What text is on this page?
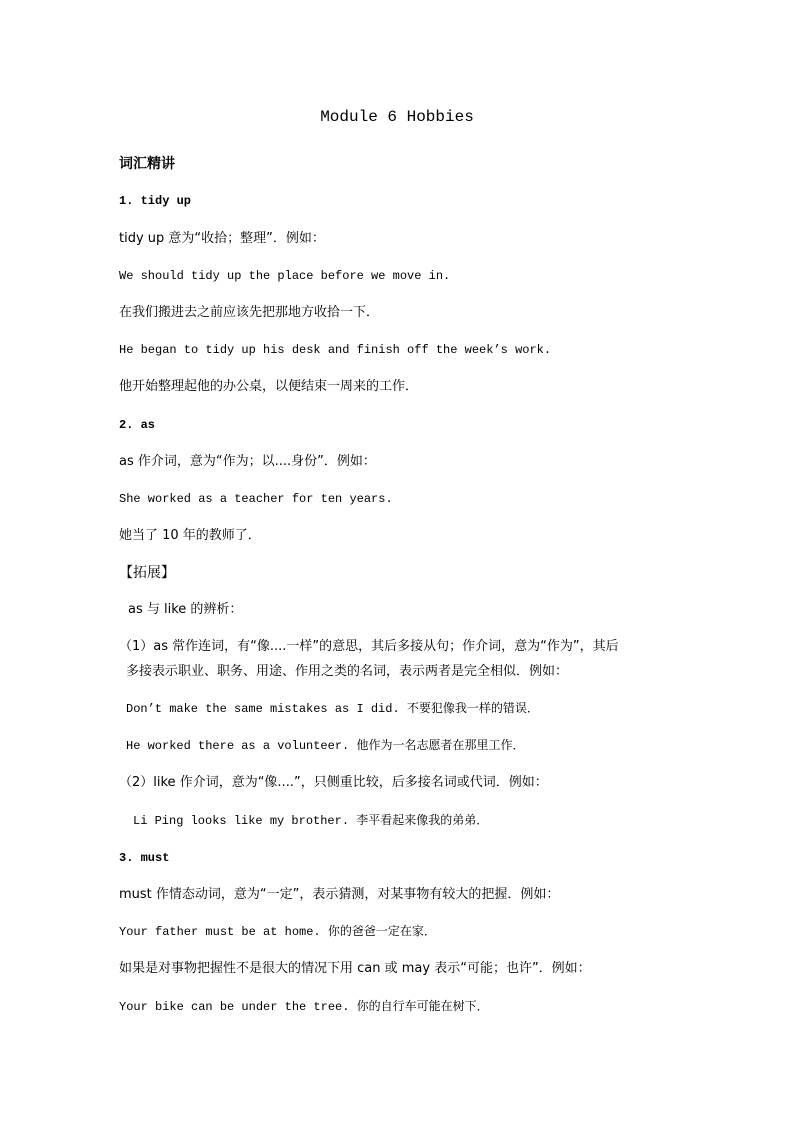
Module 6 Hobbies
词汇精讲
1. tidy up
tidy up 意为“收拾；整理”．例如：
We should tidy up the place before we move in.
在我们搬进去之前应该先把那地方收拾一下．
He began to tidy up his desk and finish off the week’s work.
他开始整理起他的办公桌，以便结束一周来的工作．
2. as
as 作介词，意为“作为；以....身份”．例如：
She worked as a teacher for ten years.
她当了 10 年的教师了．
【拓展】
as 与 like 的辨析：
（1）as 常作连词，有“像....一样”的意思，其后多接从句；作介词，意为“作为”，其后
多接表示职业、职务、用途、作用之类的名词，表示两者是完全相似．例如：
Don’t make the same mistakes as I did. 不要犯像我一样的错误．
He worked there as a volunteer. 他作为一名志愿者在那里工作．
（2）like 作介词，意为“像....”，只侧重比较，后多接名词或代词．例如：
Li Ping looks like my brother. 李平看起来像我的弟弟．
3. must
must 作情态动词，意为“一定”，表示猜测，对某事物有较大的把握．例如：
Your father must be at home. 你的爸爸一定在家．
如果是对事物把握性不是很大的情况下用 can 或 may 表示“可能；也许”．例如：
Your bike can be under the tree. 你的自行车可能在树下．
